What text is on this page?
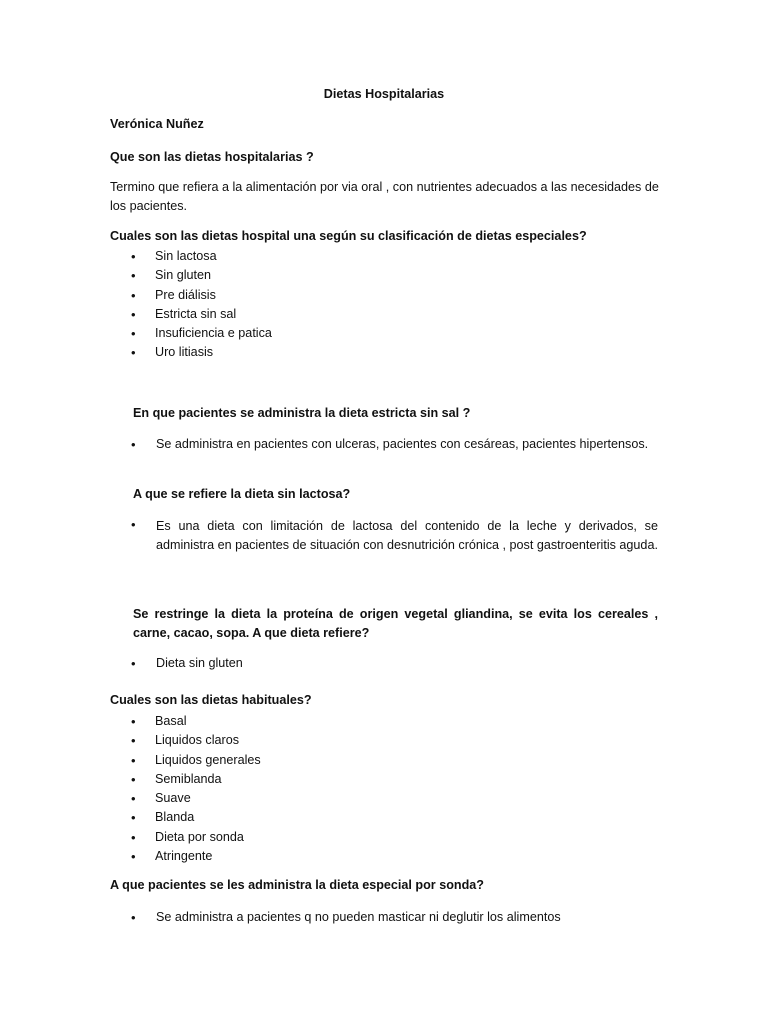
Dietas Hospitalarias
Verónica Nuñez
Que son las dietas hospitalarias ?
Termino que refiera a la alimentación por via oral , con nutrientes adecuados a las necesidades de los pacientes.
Cuales son las dietas hospital una según su clasificación de dietas especiales?
• Sin lactosa
• Sin gluten
• Pre diálisis
• Estricta sin sal
• Insuficiencia e patica
• Uro litiasis
En que pacientes se administra la dieta estricta sin sal ?
• Se administra en pacientes con ulceras, pacientes con cesáreas, pacientes hipertensos.
A que se refiere la dieta sin lactosa?
• Es una dieta con limitación de lactosa del contenido de la leche y derivados, se administra en pacientes de situación con desnutrición crónica , post gastroenteritis aguda.
Se restringe la dieta la proteína de origen vegetal gliandina, se evita los cereales , carne, cacao, sopa. A que dieta refiere?
• Dieta sin gluten
Cuales son las dietas habituales?
• Basal
• Liquidos claros
• Liquidos generales
• Semiblanda
• Suave
• Blanda
• Dieta por sonda
• Atringente
A que pacientes se les administra la dieta especial por sonda?
• Se administra a pacientes q no pueden masticar ni deglutir los alimentos
